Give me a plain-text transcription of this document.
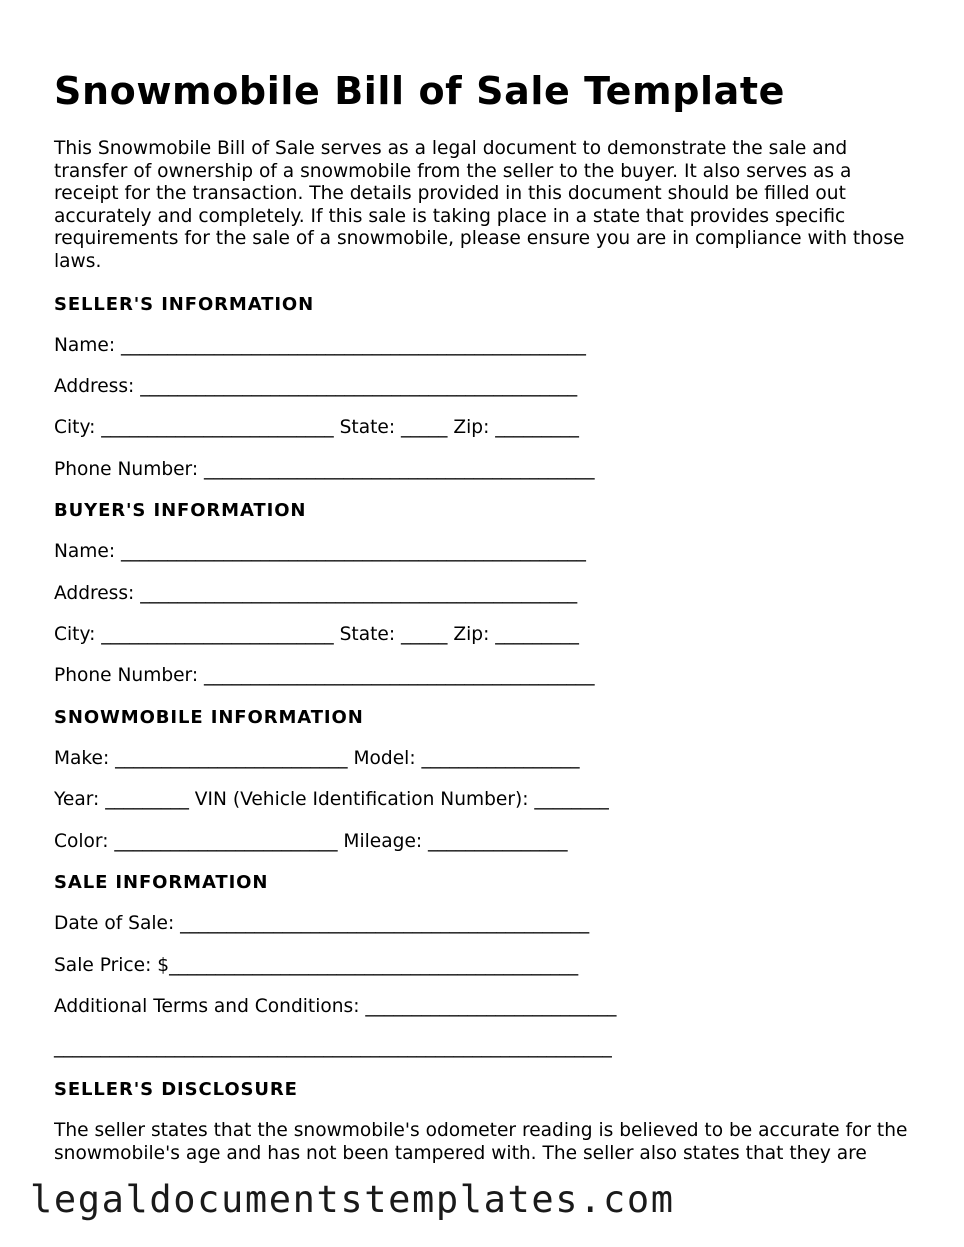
Snowmobile Bill of Sale Template
This Snowmobile Bill of Sale serves as a legal document to demonstrate the sale and transfer of ownership of a snowmobile from the seller to the buyer. It also serves as a receipt for the transaction. The details provided in this document should be filled out accurately and completely. If this sale is taking place in a state that provides specific requirements for the sale of a snowmobile, please ensure you are in compliance with those laws.
SELLER'S INFORMATION
Name: __________________________________________________
Address: _______________________________________________
City: _________________________ State: _____ Zip: _________
Phone Number: __________________________________________
BUYER'S INFORMATION
Name: __________________________________________________
Address: _______________________________________________
City: _________________________ State: _____ Zip: _________
Phone Number: __________________________________________
SNOWMOBILE INFORMATION
Make: _________________________ Model: _________________
Year: _________ VIN (Vehicle Identification Number): ________
Color: ________________________ Mileage: _______________
SALE INFORMATION
Date of Sale: ____________________________________________
Sale Price: $____________________________________________
Additional Terms and Conditions: ___________________________
____________________________________________________________
SELLER'S DISCLOSURE
The seller states that the snowmobile's odometer reading is believed to be accurate for the snowmobile's age and has not been tampered with. The seller also states that they are
legaldocumentstemplates.com
